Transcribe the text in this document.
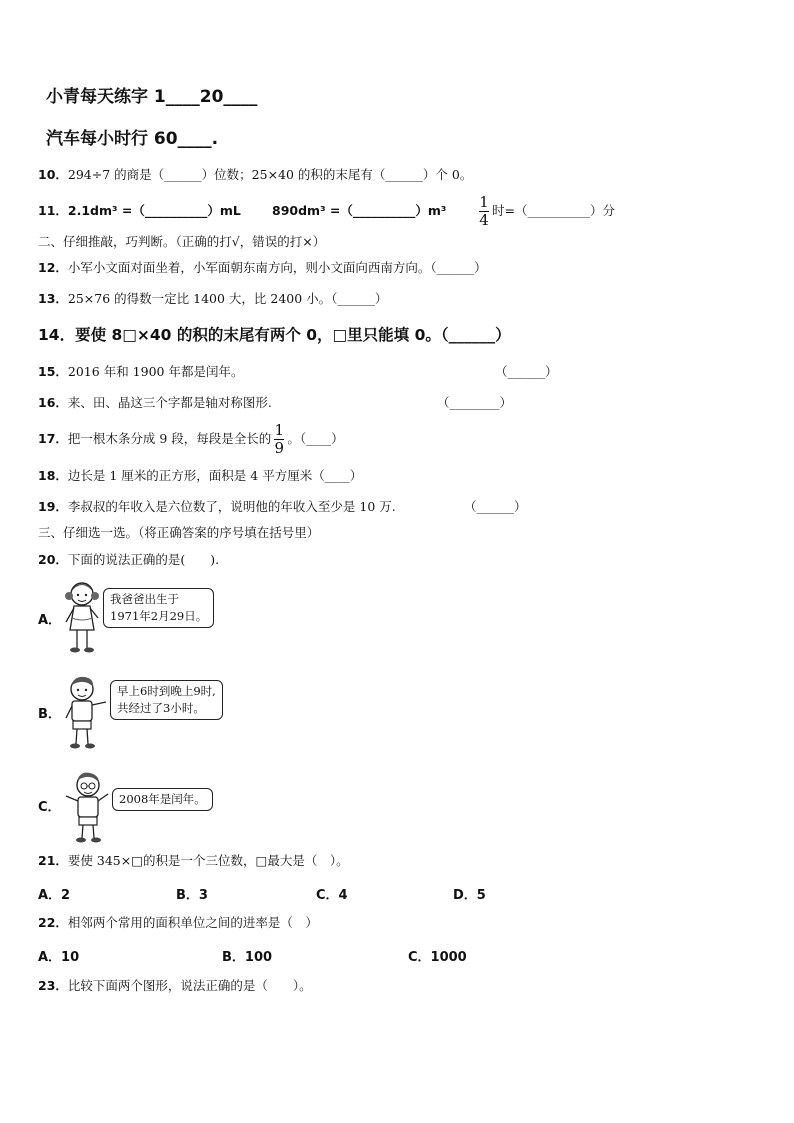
小青每天练字 1____20____
汽车每小时行 60____.
10．294÷7 的商是（______）位数；25×40 的积的末尾有（______）个 0。
11．2.1dm³ =（__________）mL 890dm³ =（__________）m³ $\frac{1}{4}$ 时=（__________）分
二、仔细推敲，巧判断。（正确的打√，错误的打×）
12．小军小文面对面坐着，小军面朝东南方向，则小文面向西南方向。（______）
13．25×76 的得数一定比 1400 大，比 2400 小。（______）
14．要使 8□×40 的积的末尾有两个 0，□里只能填 0。（______）
15．2016 年和 1900 年都是闰年。	（______）
16．来、田、晶这三个字都是轴对称图形.	（________）
17．把一根木条分成 9 段，每段是全长的 $\frac{1}{9}$ 。（____）
18．边长是 1 厘米的正方形，面积是 4 平方厘米（____）
19．李叔叔的年收入是六位数了，说明他的年收入至少是 10 万.	（______）
三、仔细选一选。（将正确答案的序号填在括号里）
20．下面的说法正确的是(　　).
A．
我爸爸出生于
1971年2月29日。
B．
早上6时到晚上9时,
共经过了3小时。
C．
2008年是闰年。
21．要使 345×□的积是一个三位数，□最大是（　）。
A．2	B．3	C．4	D．5
22．相邻两个常用的面积单位之间的进率是（　）
A．10	B．100	C．1000
23．比较下面两个图形，说法正确的是（　　）。
